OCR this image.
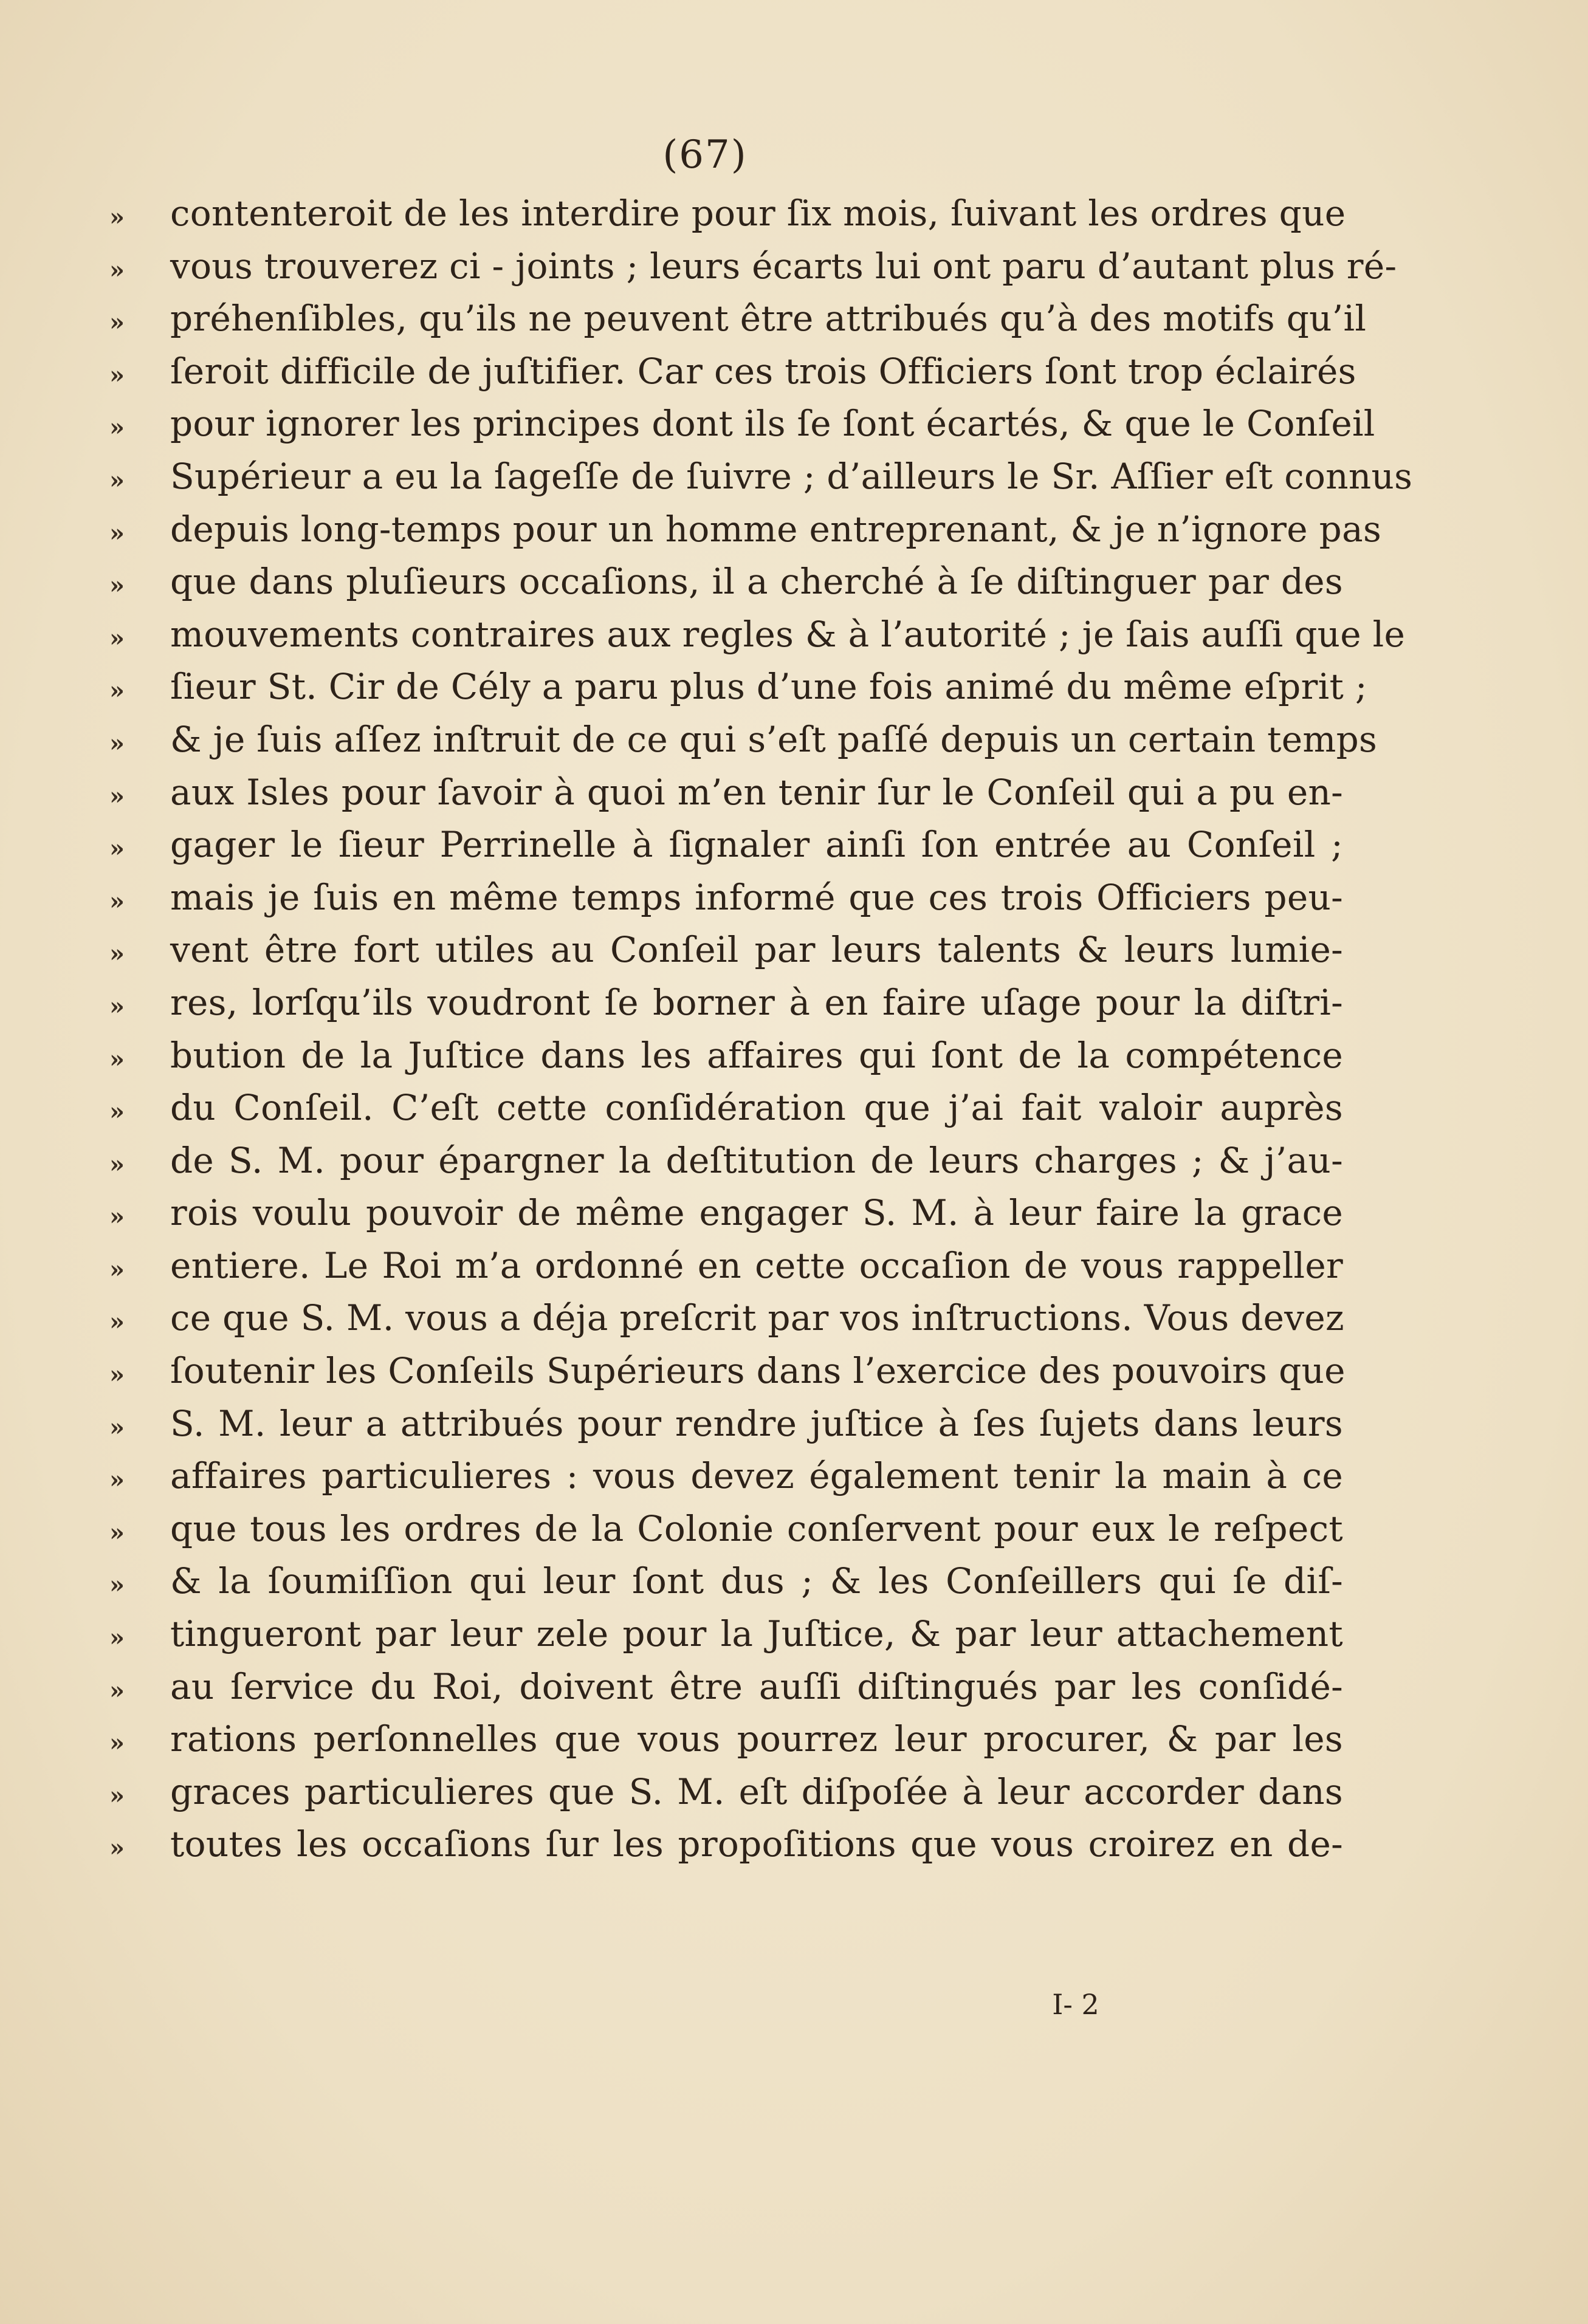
(67)
»	contenteroit de les interdire pour ſix mois, ſuivant les ordres que
»	vous trouverez ci - joints ; leurs écarts lui ont paru d’autant plus ré-
»	préhenſibles, qu’ils ne peuvent être attribués qu’à des motifs qu’il
»	ſeroit difficile de juſtifier. Car ces trois Officiers ſont trop éclairés
»	pour ignorer les principes dont ils ſe ſont écartés, & que le Conſeil
»	Supérieur a eu la ſageſſe de ſuivre ; d’ailleurs le Sr. Aſſier eſt connus
»	depuis long-temps pour un homme entreprenant, & je n’ignore pas
»	que dans pluſieurs occaſions, il a cherché à ſe diſtinguer par des
»	mouvements contraires aux regles & à l’autorité ; je ſais auſſi que le
»	ſieur St. Cir de Cély a paru plus d’une fois animé du même eſprit ;
»	& je ſuis aſſez inſtruit de ce qui s’eſt paſſé depuis un certain temps
»	aux Isles pour ſavoir à quoi m’en tenir ſur le Conſeil qui a pu en-
»	gager le ſieur Perrinelle à ſignaler ainſi ſon entrée au Conſeil ;
»	mais je ſuis en même temps informé que ces trois Officiers peu-
»	vent être fort utiles au Conſeil par leurs talents & leurs lumie-
»	res, lorſqu’ils voudront ſe borner à en faire uſage pour la diſtri-
»	bution de la Juſtice dans les affaires qui ſont de la compétence
»	du Conſeil. C’eſt cette conſidération que j’ai fait valoir auprès
»	de S. M. pour épargner la deſtitution de leurs charges ; & j’au-
»	rois voulu pouvoir de même engager S. M. à leur faire la grace
»	entiere. Le Roi m’a ordonné en cette occaſion de vous rappeller
»	ce que S. M. vous a déja preſcrit par vos inſtructions. Vous devez
»	ſoutenir les Conſeils Supérieurs dans l’exercice des pouvoirs que
»	S. M. leur a attribués pour rendre juſtice à ſes ſujets dans leurs
»	affaires particulieres : vous devez également tenir la main à ce
»	que tous les ordres de la Colonie conſervent pour eux le reſpect
»	& la ſoumiſſion qui leur ſont dus ; & les Conſeillers qui ſe diſ-
»	tingueront par leur zele pour la Juſtice, & par leur attachement
»	au ſervice du Roi, doivent être auſſi diſtingués par les conſidé-
»	rations perſonnelles que vous pourrez leur procurer, & par les
»	graces particulieres que S. M. eſt diſpoſée à leur accorder dans
»	toutes les occaſions ſur les propoſitions que vous croirez en de-
I- 2
